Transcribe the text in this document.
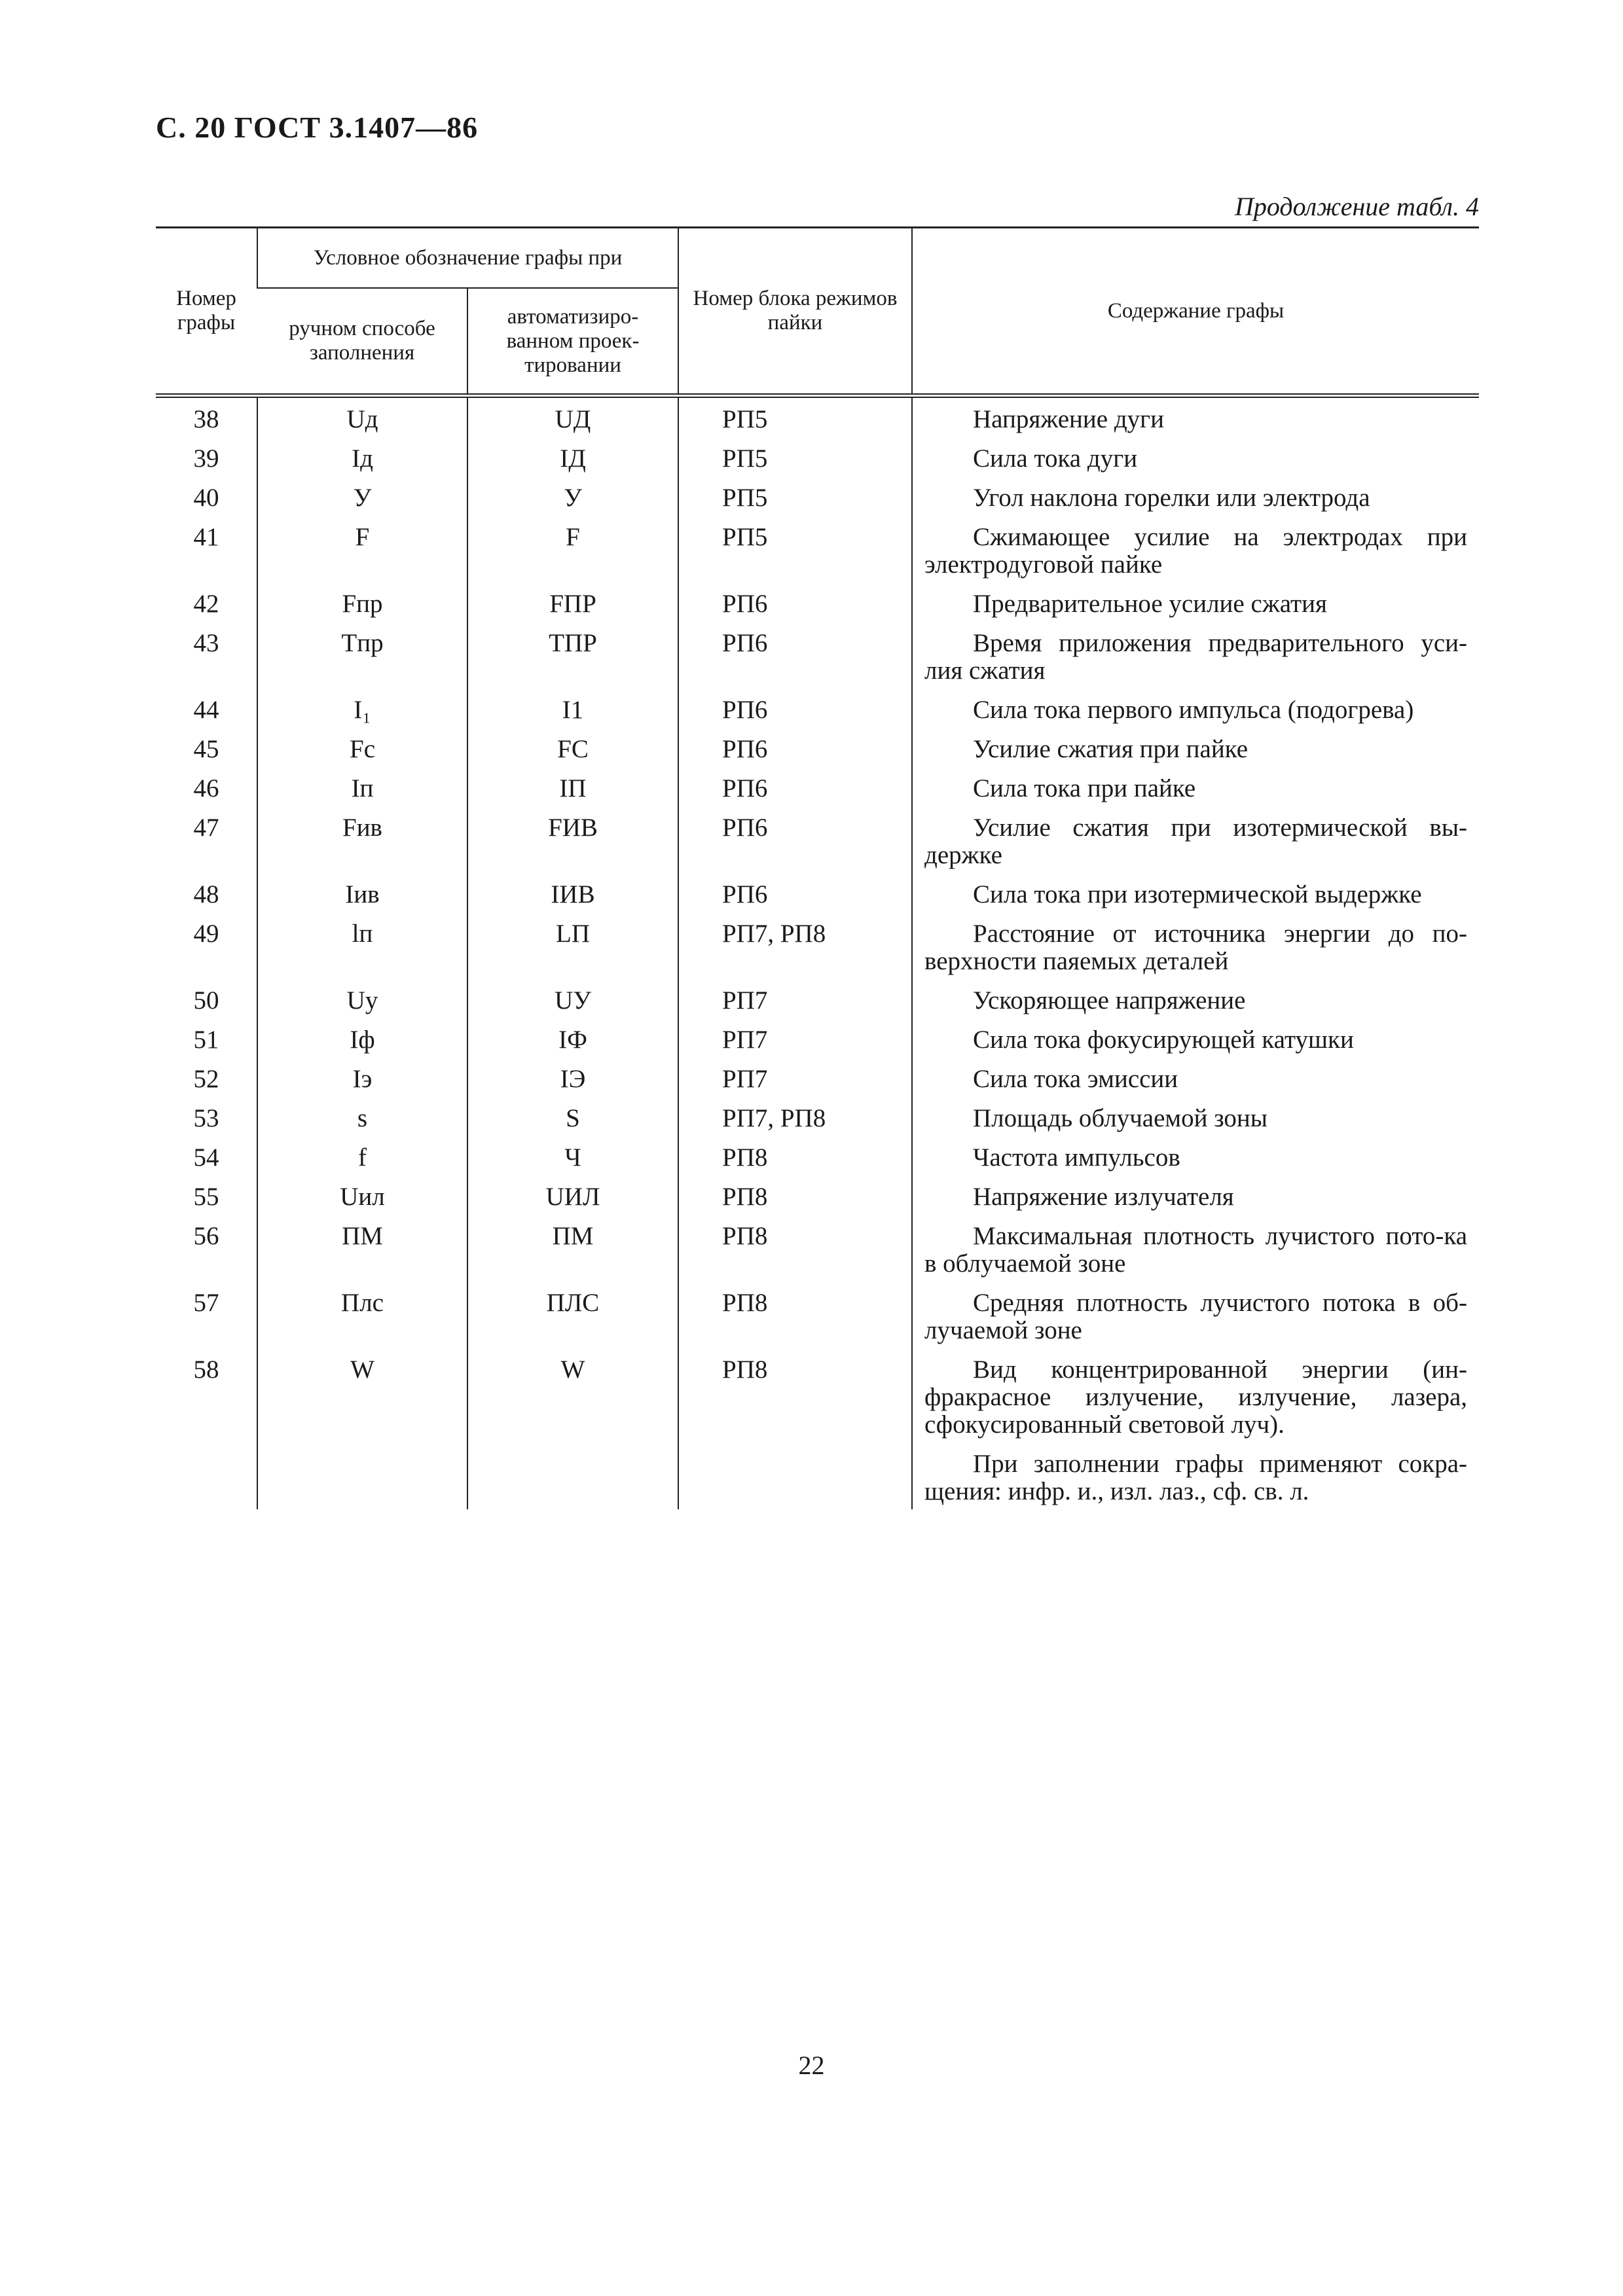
С. 20 ГОСТ 3.1407—86
Продолжение табл. 4
Номер графы	Условное обозначение графы при		Номер блока режимов пайки	Содержание графы
	ручном способе заполнения	автоматизиро-ванном проек-тировании		
38	Uд	UД	РП5	Напряжение дуги

39	Iд	IД	РП5	Сила тока дуги

40	У	У	РП5	Угол наклона горелки или электрода

41	F	F	РП5	Сжимающее усилие на электродах при электродуговой пайке

42	Fпр	FПР	РП6	Предварительное усилие сжатия

43	Tпр	ТПР	РП6	Время приложения предварительного уси-лия сжатия

44	I₁	I1	РП6	Сила тока первого импульса (подогрева)

45	Fc	FC	РП6	Усилие сжатия при пайке

46	Iп	IП	РП6	Сила тока при пайке

47	Fив	FИВ	РП6	Усилие сжатия при изотермической вы-держке

48	Iив	IИВ	РП6	Сила тока при изотермической выдержке

49	lп	LП	РП7, РП8	Расстояние от источника энергии до по-верхности паяемых деталей

50	Uу	UУ	РП7	Ускоряющее напряжение

51	Iф	IФ	РП7	Сила тока фокусирующей катушки

52	Iэ	IЭ	РП7	Сила тока эмиссии

53	s	S	РП7, РП8	Площадь облучаемой зоны

54	f	Ч	РП8	Частота импульсов

55	Uил	UИЛ	РП8	Напряжение излучателя

56	ПМ	ПМ	РП8	Максимальная плотность лучистого пото-ка в облучаемой зоне

57	Плс	ПЛС	РП8	Средняя плотность лучистого потока в об-лучаемой зоне

58	W	W	РП8	Вид концентрированной энергии (ин-фракрасное излучение, излучение, лазера, сфокусированный световой луч).

				При заполнении графы применяют сокра-щения: инфр. и., изл. лаз., сф. св. л.
22
